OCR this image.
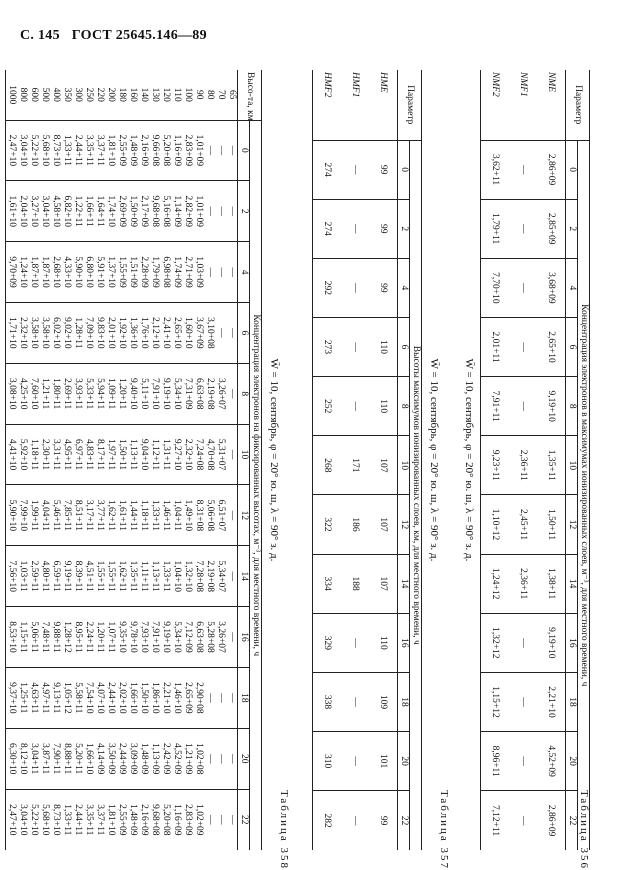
С. 145 ГОСТ 25645.146—89
Таблица 356
W̄ = 10, сентябрь, φ = 20° ю. ш, λ = 90° з. д.
Параметр	Концентрация электронов в максимумах ионизированных слоев, м⁻³, для местного времени, ч											
	0	2	4	6	8	10	12	14	16	18	20	22
NME	2,86+09	2,85+09	3,68+09	2,65+10	9,19+10	1,35+11	1,50+11	1,38+11	9,19+10	2,21+10	4,52+09	2,86+09
NMF1	—	—	—	—	—	2,36+11	2,45+11	2,36+11	—	—	—	—
NMF2	3,62+11	1,79+11	7,70+10	2,01+11	7,91+11	9,23+11	1,10+12	1,24+12	1,32+12	1,15+12	8,96+11	7,12+11
Таблица 357
W̄ = 10, сентябрь, φ = 20° ю. ш, λ = 90° з. д.
Параметр	Высоты максимумов ионизированных слоев, км, для местного времени, ч											
	0	2	4	6	8	10	12	14	16	18	20	22
HME	99	99	99	110	110	107	107	107	110	109	101	99
HMF1	—	—	—	—	—	171	186	188	—	—	—	—
HMF2	274	274	292	273	252	268	322	334	329	338	310	282
Таблица 358
W̄ = 10, сентябрь, φ = 20° ю. ш, λ = 90° з. д.
Высо-та, км	Концентрация электронов на фиксированных высотах, м⁻³, для местного времени, ч											
	0	2	4	6	8	10	12	14	16	18	20	22
65	—	—	—	—	—	—	—	—	—	—	—	—
70	—	—	—	—	3,26+07	5,31+07	6,51+07	5,34+07	3,26+07	—	—	—
80	—	—	—	3,10+08	2,19+08	4,70+08	5,06+08	2,19+08	5,28+08	—	—	—
90	1,01+09	1,01+09	1,03+09	3,67+09	6,63+08	7,24+08	8,31+08	7,28+08	6,63+08	2,90+08	1,02+08	1,02+09
100	2,83+09	2,82+09	2,71+09	1,60+10	7,31+09	2,32+10	1,49+10	1,32+10	7,12+09	2,65+09	1,21+09	2,83+09
110	1,16+09	1,14+09	1,74+09	2,65+10	5,34+10	9,27+10	1,04+11	1,04+10	5,34+10	1,46+10	4,52+09	1,16+09
120	5,20+08	5,16+08	6,98+08	2,41+10	9,19+10	1,31+11	1,46+11	1,33+11	9,19+10	2,21+10	2,42+09	5,20+08
130	9,66+08	9,68+08	1,79+09	2,12+10	7,91+10	1,12+11	1,33+11	1,13+11	7,91+10	1,86+10	1,13+09	9,68+08
140	2,16+09	2,17+09	2,28+09	1,76+10	5,11+10	9,04+10	1,18+11	1,11+11	7,93+10	1,50+10	1,48+09	2,16+09
160	1,48+09	1,50+09	1,51+09	1,36+10	9,40+10	1,13+11	1,44+11	1,35+11	9,78+10	1,66+10	3,09+09	1,48+09
180	2,55+09	2,69+09	1,55+09	1,92+10	1,20+11	1,50+11	1,61+11	1,62+11	9,35+10	2,02+10	2,44+09	2,55+09
200	1,81+10	1,74+10	1,37+10	2,01+10	1,09+11	1,97+11	1,62+11	1,55+11	1,07+11	2,44+10	3,50+09	1,81+10
220	3,37+11	1,64+11	5,91+10	9,83+10	5,94+11	8,17+11	3,77+11	1,55+11	1,20+11	4,07+10	4,14+09	3,37+11
250	3,35+11	1,66+11	6,80+10	7,09+10	5,33+11	4,83+11	3,17+11	4,51+11	2,24+11	7,54+10	1,66+10	3,35+11
300	2,44+11	1,22+11	5,90+10	1,28+11	3,93+11	6,97+11	8,51+11	8,39+11	8,95+11	5,58+11	5,20+11	2,44+11
350	1,33+11	6,82+10	4,33+10	9,02+10	2,69+11	4,95+11	7,85+11	9,19+11	1,28+12	1,05+12	8,88+11	1,33+11
400	8,73+10	4,58+10	2,68+10	6,02+10	1,80+11	3,31+11	5,46+11	6,59+11	9,88+11	9,13+11	7,90+11	8,73+10
500	5,68+10	3,04+10	1,87+10	3,58+10	1,21+11	2,30+11	4,04+11	4,80+11	7,48+11	4,97+11	3,87+11	5,68+10
600	5,22+10	3,27+10	1,87+10	3,58+10	7,60+10	1,18+11	1,99+11	2,59+11	5,06+11	4,63+11	3,04+11	5,22+10
800	3,04+10	2,04+10	1,24+10	2,32+10	4,25+10	5,92+10	7,99+10	1,03+11	1,15+11	1,25+11	8,12+10	3,04+10
1000	2,47+10	1,61+10	9,70+09	1,71+10	3,08+10	4,41+10	5,90+10	7,56+10	8,53+10	9,37+10	6,30+10	2,47+10
